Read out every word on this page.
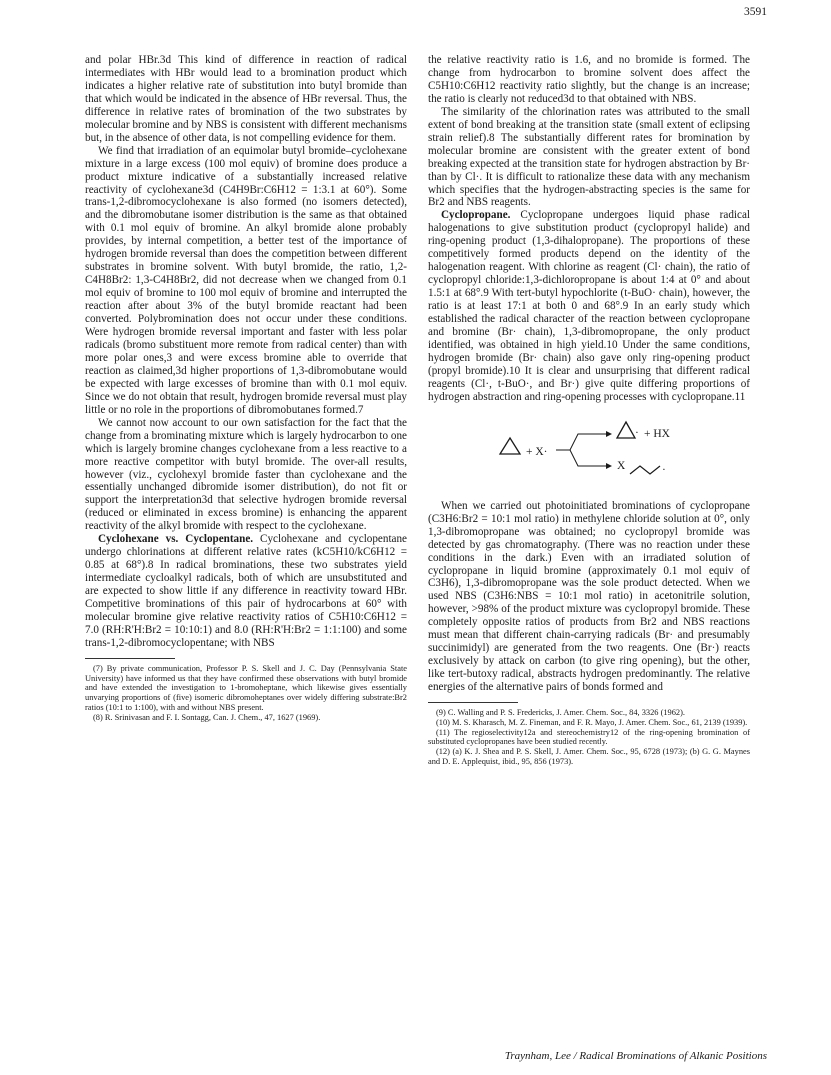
3591

and polar HBr.3d This kind of difference in reaction of radical intermediates with HBr would lead to a bromination product which indicates a higher relative rate of substitution into butyl bromide than that which would be indicated in the absence of HBr reversal. Thus, the difference in relative rates of bromination of the two substrates by molecular bromine and by NBS is consistent with different mechanisms but, in the absence of other data, is not compelling evidence for them.

We find that irradiation of an equimolar butyl bromide–cyclohexane mixture in a large excess (100 mol equiv) of bromine does produce a product mixture indicative of a substantially increased relative reactivity of cyclohexane3d (C4H9Br:C6H12 = 1:3.1 at 60°). Some trans-1,2-dibromocyclohexane is also formed (no isomers detected), and the dibromobutane isomer distribution is the same as that obtained with 0.1 mol equiv of bromine. An alkyl bromide alone probably provides, by internal competition, a better test of the importance of hydrogen bromide reversal than does the competition between different substrates in bromine solvent. With butyl bromide, the ratio, 1,2-C4H8Br2: 1,3-C4H8Br2, did not decrease when we changed from 0.1 mol equiv of bromine to 100 mol equiv of bromine and interrupted the reaction after about 3% of the butyl bromide reactant had been converted. Polybromination does not occur under these conditions. Were hydrogen bromide reversal important and faster with less polar radicals (bromo substituent more remote from radical center) than with more polar ones,3 and were excess bromine able to override that reaction as claimed,3d higher proportions of 1,3-dibromobutane would be expected with large excesses of bromine than with 0.1 mol equiv. Since we do not obtain that result, hydrogen bromide reversal must play little or no role in the proportions of dibromobutanes formed.7

We cannot now account to our own satisfaction for the fact that the change from a brominating mixture which is largely hydrocarbon to one which is largely bromine changes cyclohexane from a less reactive to a more reactive competitor with butyl bromide. The over-all results, however (viz., cyclohexyl bromide faster than cyclohexane and the essentially unchanged dibromide isomer distribution), do not fit or support the interpretation3d that selective hydrogen bromide reversal (reduced or eliminated in excess bromine) is enhancing the apparent reactivity of the alkyl bromide with respect to the cyclohexane.

Cyclohexane vs. Cyclopentane. Cyclohexane and cyclopentane undergo chlorinations at different relative rates (kC5H10/kC6H12 = 0.85 at 68°).8 In radical brominations, these two substrates yield intermediate cycloalkyl radicals, both of which are unsubstituted and are expected to show little if any difference in reactivity toward HBr. Competitive brominations of this pair of hydrocarbons at 60° with molecular bromine give relative reactivity ratios of C5H10:C6H12 = 7.0 (RH:R'H:Br2 = 10:10:1) and 8.0 (RH:R'H:Br2 = 1:1:100) and some trans-1,2-dibromocyclopentane; with NBS

(7) By private communication, Professor P. S. Skell and J. C. Day (Pennsylvania State University) have informed us that they have confirmed these observations with butyl bromide and have extended the investigation to 1-bromoheptane, which likewise gives essentially unvarying proportions of (five) isomeric dibromoheptanes over widely differing substrate:Br2 ratios (10:1 to 1:100), with and without NBS present.

(8) R. Srinivasan and F. I. Sontagg, Can. J. Chem., 47, 1627 (1969).

the relative reactivity ratio is 1.6, and no bromide is formed. The change from hydrocarbon to bromine solvent does affect the C5H10:C6H12 reactivity ratio slightly, but the change is an increase; the ratio is clearly not reduced3d to that obtained with NBS.

The similarity of the chlorination rates was attributed to the small extent of bond breaking at the transition state (small extent of eclipsing strain relief).8 The substantially different rates for bromination by molecular bromine are consistent with the greater extent of bond breaking expected at the transition state for hydrogen abstraction by Br· than by Cl·. It is difficult to rationalize these data with any mechanism which specifies that the hydrogen-abstracting species is the same for Br2 and NBS reagents.

Cyclopropane. Cyclopropane undergoes liquid phase radical halogenations to give substitution product (cyclopropyl halide) and ring-opening product (1,3-dihalopropane). The proportions of these competitively formed products depend on the identity of the halogenation reagent. With chlorine as reagent (Cl· chain), the ratio of cyclopropyl chloride:1,3-dichloropropane is about 1:4 at 0° and about 1.5:1 at 68°.9 With tert-butyl hypochlorite (t-BuO· chain), however, the ratio is at least 17:1 at both 0 and 68°.9 In an early study which established the radical character of the reaction between cyclopropane and bromine (Br· chain), 1,3-dibromopropane, the only product identified, was obtained in high yield.10 Under the same conditions, hydrogen bromide (Br· chain) also gave only ring-opening product (propyl bromide).10 It is clear and unsurprising that different radical reagents (Cl·, t-BuO·, and Br·) give quite differing proportions of hydrogen abstraction and ring-opening processes with cyclopropane.11

+ X·
· + HX
X	·

When we carried out photoinitiated brominations of cyclopropane (C3H6:Br2 = 10:1 mol ratio) in methylene chloride solution at 0°, only 1,3-dibromopropane was obtained; no cyclopropyl bromide was detected by gas chromatography. (There was no reaction under these conditions in the dark.) Even with an irradiated solution of cyclopropane in liquid bromine (approximately 0.1 mol equiv of C3H6), 1,3-dibromopropane was the sole product detected. When we used NBS (C3H6:NBS = 10:1 mol ratio) in acetonitrile solution, however, >98% of the product mixture was cyclopropyl bromide. These completely opposite ratios of products from Br2 and NBS reactions must mean that different chain-carrying radicals (Br· and presumably succinimidyl) are generated from the two reagents. One (Br·) reacts exclusively by attack on carbon (to give ring opening), but the other, like tert-butoxy radical, abstracts hydrogen predominantly. The relative energies of the alternative pairs of bonds formed and

(9) C. Walling and P. S. Fredericks, J. Amer. Chem. Soc., 84, 3326 (1962).

(10) M. S. Kharasch, M. Z. Fineman, and F. R. Mayo, J. Amer. Chem. Soc., 61, 2139 (1939).

(11) The regioselectivity12a and stereochemistry12 of the ring-opening bromination of substituted cyclopropanes have been studied recently.

(12) (a) K. J. Shea and P. S. Skell, J. Amer. Chem. Soc., 95, 6728 (1973); (b) G. G. Maynes and D. E. Applequist, ibid., 95, 856 (1973).

Traynham, Lee / Radical Brominations of Alkanic Positions
